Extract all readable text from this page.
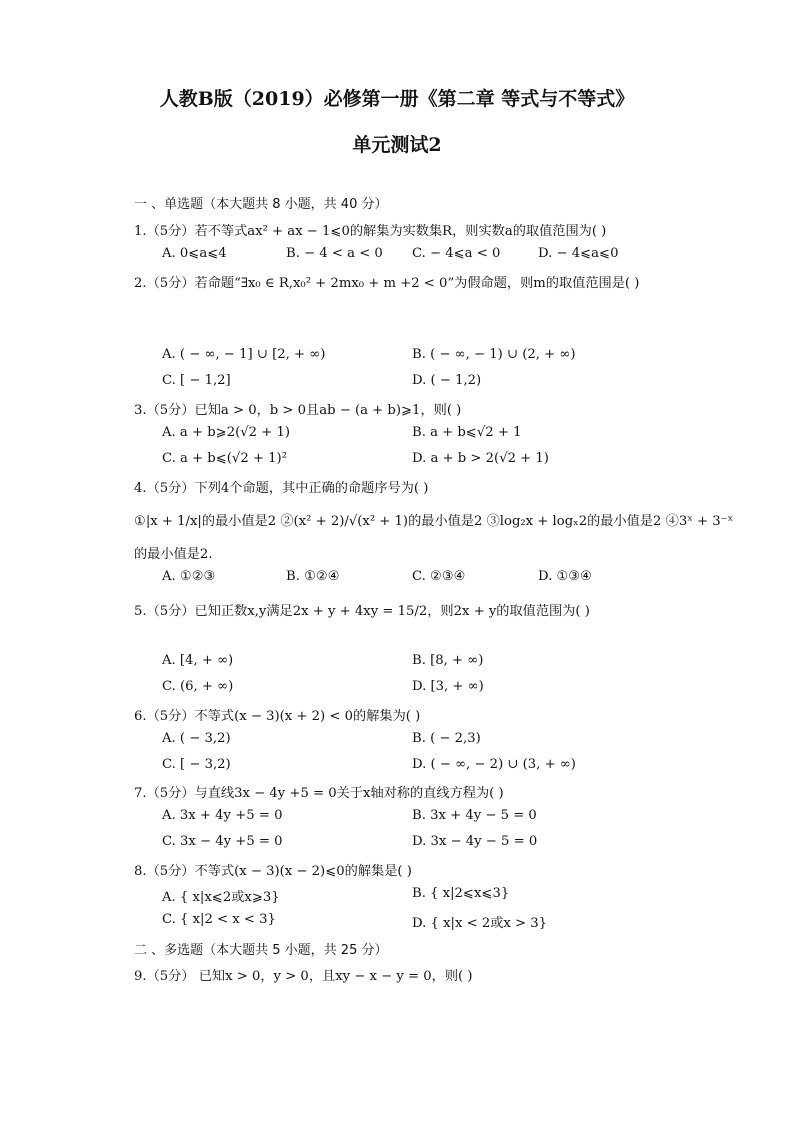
人教B版（2019）必修第一册《第二章 等式与不等式》
单元测试2
一 、单选题（本大题共 8 小题，共 40 分）
1.（5分）若不等式ax² + ax − 1⩽0的解集为实数集R，则实数a的取值范围为( )
A. 0⩽a⩽4	B. − 4 < a < 0 C. − 4⩽a < 0	D. − 4⩽a⩽0
2.（5分）若命题“∃x₀ ∈ R,x₀² + 2mx₀ + m +2 < 0”为假命题，则m的取值范围是( )
A. ( − ∞, − 1] ∪ [2, + ∞)	B. ( − ∞, − 1) ∪ (2, + ∞)
C. [ − 1,2]	D. ( − 1,2)
3.（5分）已知a > 0，b > 0且ab − (a + b)⩾1，则( )
A. a + b⩾2(√2 + 1)	B. a + b⩽√2 + 1
C. a + b⩽(√2 + 1)²	D. a + b > 2(√2 + 1)
4.（5分）下列4个命题，其中正确的命题序号为( )
①|x + 1/x|的最小值是2 ②(x² + 2)/√(x² + 1)的最小值是2 ③log₂x + logₓ2的最小值是2 ④3ˣ + 3⁻ˣ
的最小值是2.
A. ①②③	B. ①②④	C. ②③④	D. ①③④
5.（5分）已知正数x,y满足2x + y + 4xy = 15/2，则2x + y的取值范围为( )
A. [4, + ∞)	B. [8, + ∞)
C. (6, + ∞)	D. [3, + ∞)
6.（5分）不等式(x − 3)(x + 2) < 0的解集为( )
A. ( − 3,2)	B. ( − 2,3)
C. [ − 3,2)	D. ( − ∞, − 2) ∪ (3, + ∞)
7.（5分）与直线3x − 4y +5 = 0关于x轴对称的直线方程为( )
A. 3x + 4y +5 = 0	B. 3x + 4y − 5 = 0
C. 3x − 4y +5 = 0	D. 3x − 4y − 5 = 0
8.（5分）不等式(x − 3)(x − 2)⩽0的解集是( )
A. { x|x⩽2或x⩾3}	B. { x|2⩽x⩽3}
C. { x|2 < x < 3}	D. { x|x < 2或x > 3}
二 、多选题（本大题共 5 小题，共 25 分）
9.（5分） 已知x > 0，y > 0，且xy − x − y = 0，则( )
